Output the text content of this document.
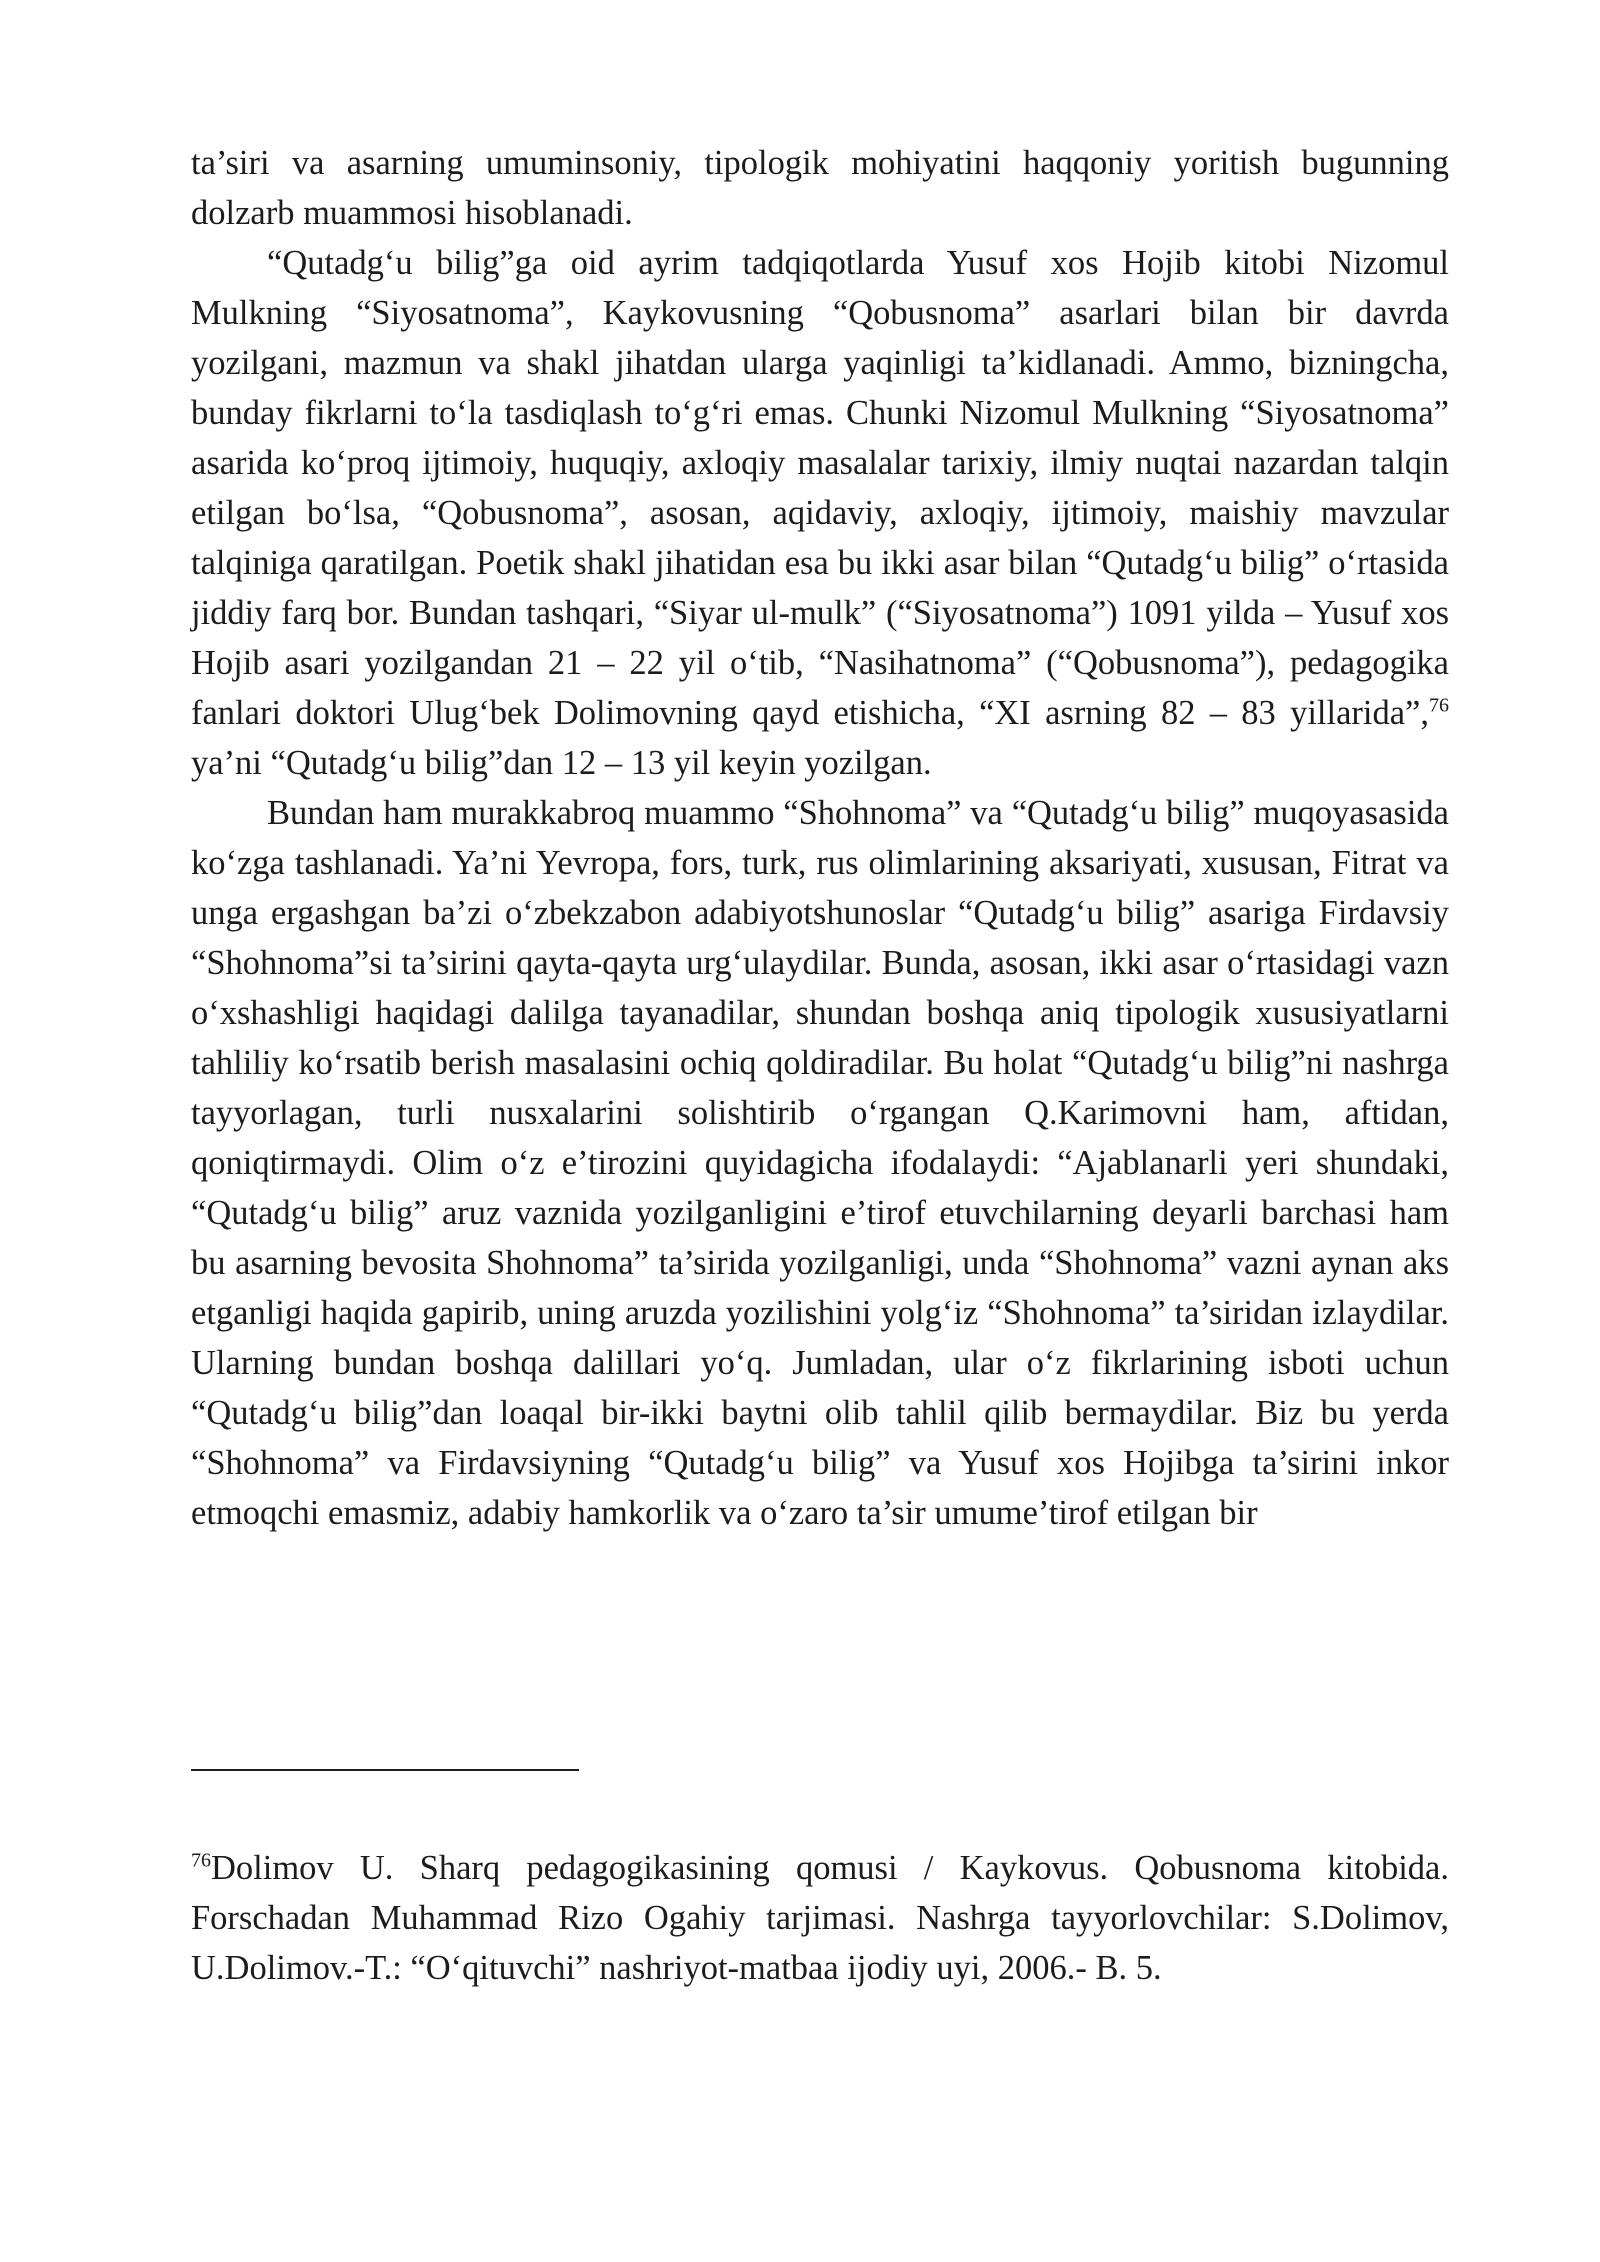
ta’siri va asarning umuminsoniy, tipologik mohiyatini haqqoniy yoritish bugunning dolzarb muammosi hisoblanadi.

“Qutadg‘u bilig”ga oid ayrim tadqiqotlarda Yusuf xos Hojib kitobi Nizomul Mulkning “Siyosatnoma”, Kaykovusning “Qobusnoma” asarlari bilan bir davrda yozilgani, mazmun va shakl jihatdan ularga yaqinligi ta’kidlanadi. Ammo, bizningcha, bunday fikrlarni to‘la tasdiqlash to‘g‘ri emas. Chunki Nizomul Mulkning “Siyosatnoma” asarida ko‘proq ijtimoiy, huquqiy, axloqiy masalalar tarixiy, ilmiy nuqtai nazardan talqin etilgan bo‘lsa, “Qobusnoma”, asosan, aqidaviy, axloqiy, ijtimoiy, maishiy mavzular talqiniga qaratilgan. Poetik shakl jihatidan esa bu ikki asar bilan “Qutadg‘u bilig” o‘rtasida jiddiy farq bor. Bundan tashqari, “Siyar ul-mulk” (“Siyosatnoma”) 1091 yilda – Yusuf xos Hojib asari yozilgandan 21 – 22 yil o‘tib, “Nasihatnoma” (“Qobusnoma”), pedagogika fanlari doktori Ulug‘bek Dolimovning qayd etishicha, “XI asrning 82 – 83 yillarida”,$^{76}$ ya’ni “Qutadg‘u bilig”dan 12 – 13 yil keyin yozilgan.

Bundan ham murakkabroq muammo “Shohnoma” va “Qutadg‘u bilig” muqoyasasida ko‘zga tashlanadi. Ya’ni Yevropa, fors, turk, rus olimlarining aksariyati, xususan, Fitrat va unga ergashgan ba’zi o‘zbekzabon adabiyotshunoslar “Qutadg‘u bilig” asariga Firdavsiy “Shohnoma”si ta’sirini qayta-qayta urg‘ulaydilar. Bunda, asosan, ikki asar o‘rtasidagi vazn o‘xshashligi haqidagi dalilga tayanadilar, shundan boshqa aniq tipologik xususiyatlarni tahliliy ko‘rsatib berish masalasini ochiq qoldiradilar. Bu holat “Qutadg‘u bilig”ni nashrga tayyorlagan, turli nusxalarini solishtirib o‘rgangan Q.Karimovni ham, aftidan, qoniqtirmaydi. Olim o‘z e’tirozini quyidagicha ifodalaydi: “Ajablanarli yeri shundaki, “Qutadg‘u bilig” aruz vaznida yozilganligini e’tirof etuvchilarning deyarli barchasi ham bu asarning bevosita Shohnoma” ta’sirida yozilganligi, unda “Shohnoma” vazni aynan aks etganligi haqida gapirib, uning aruzda yozilishini yolg‘iz “Shohnoma” ta’siridan izlaydilar. Ularning bundan boshqa dalillari yo‘q. Jumladan, ular o‘z fikrlarining isboti uchun “Qutadg‘u bilig”dan loaqal bir-ikki baytni olib tahlil qilib bermaydilar. Biz bu yerda “Shohnoma” va Firdavsiyning “Qutadg‘u bilig” va Yusuf xos Hojibga ta’sirini inkor etmoqchi emasmiz, adabiy hamkorlik va o‘zaro ta’sir umume’tirof etilgan bir

$^{76}$Dolimov U. Sharq pedagogikasining qomusi / Kaykovus. Qobusnoma kitobida. Forschadan Muhammad Rizo Ogahiy tarjimasi. Nashrga tayyorlovchilar: S.Dolimov, U.Dolimov.-T.: “O‘qituvchi” nashriyot-matbaa ijodiy uyi, 2006.- B. 5.
